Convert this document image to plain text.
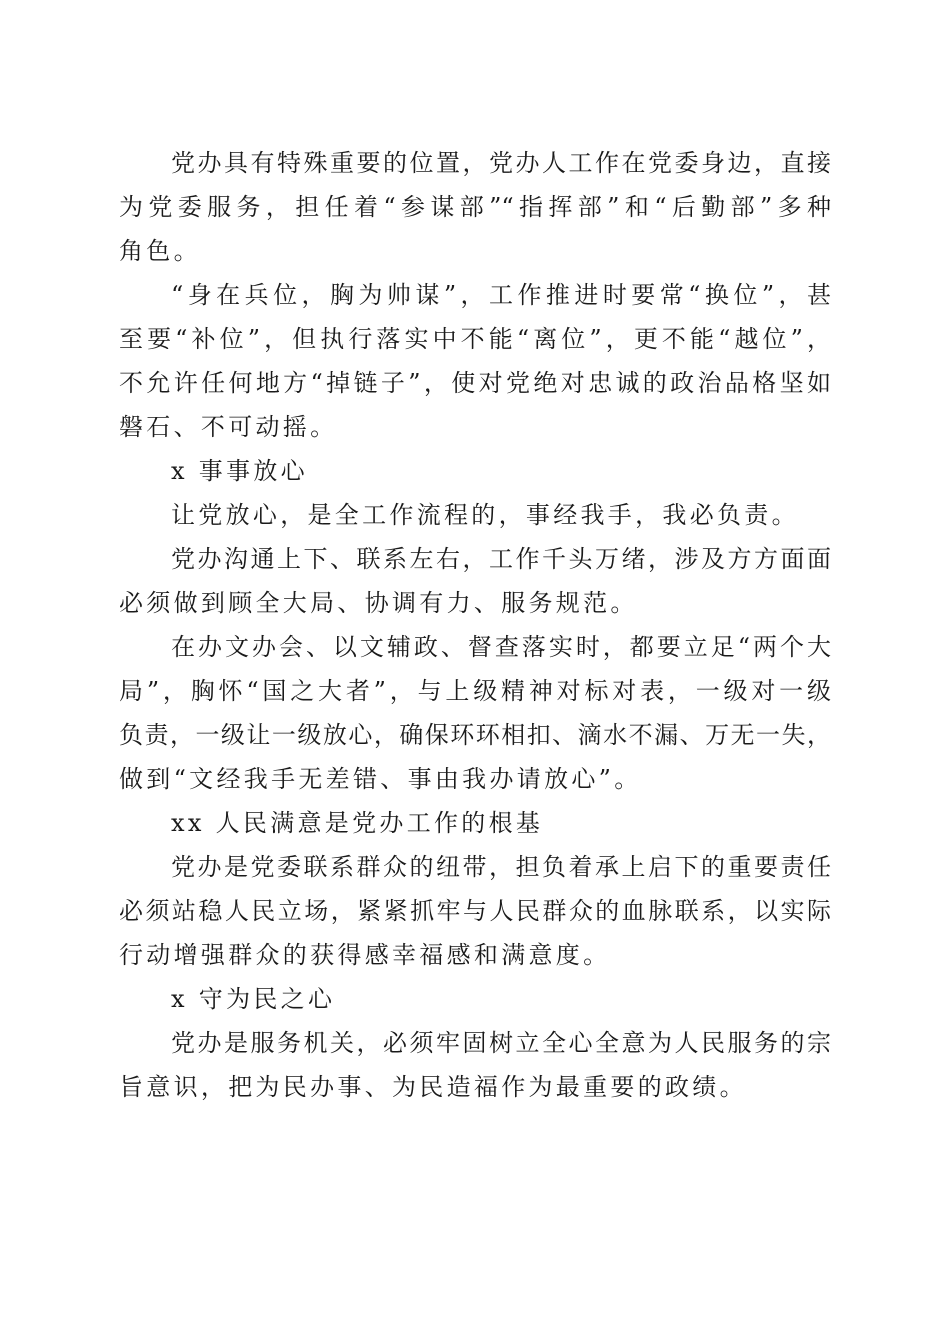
党办具有特殊重要的位置，党办人工作在党委身边，直接
为党委服务，担任着“参谋部”“指挥部”和“后勤部”多种
角色。
“身在兵位，胸为帅谋”，工作推进时要常“换位”，甚
至要“补位”，但执行落实中不能“离位”，更不能“越位”，
不允许任何地方“掉链子”，使对党绝对忠诚的政治品格坚如
磐石、不可动摇。
x 事事放心
让党放心，是全工作流程的，事经我手，我必负责。
党办沟通上下、联系左右，工作千头万绪，涉及方方面面
必须做到顾全大局、协调有力、服务规范。
在办文办会、以文辅政、督查落实时，都要立足“两个大
局”，胸怀“国之大者”，与上级精神对标对表，一级对一级
负责，一级让一级放心，确保环环相扣、滴水不漏、万无一失，
做到“文经我手无差错、事由我办请放心”。
xx 人民满意是党办工作的根基
党办是党委联系群众的纽带，担负着承上启下的重要责任
必须站稳人民立场，紧紧抓牢与人民群众的血脉联系，以实际
行动增强群众的获得感幸福感和满意度。
x 守为民之心
党办是服务机关，必须牢固树立全心全意为人民服务的宗
旨意识，把为民办事、为民造福作为最重要的政绩。
